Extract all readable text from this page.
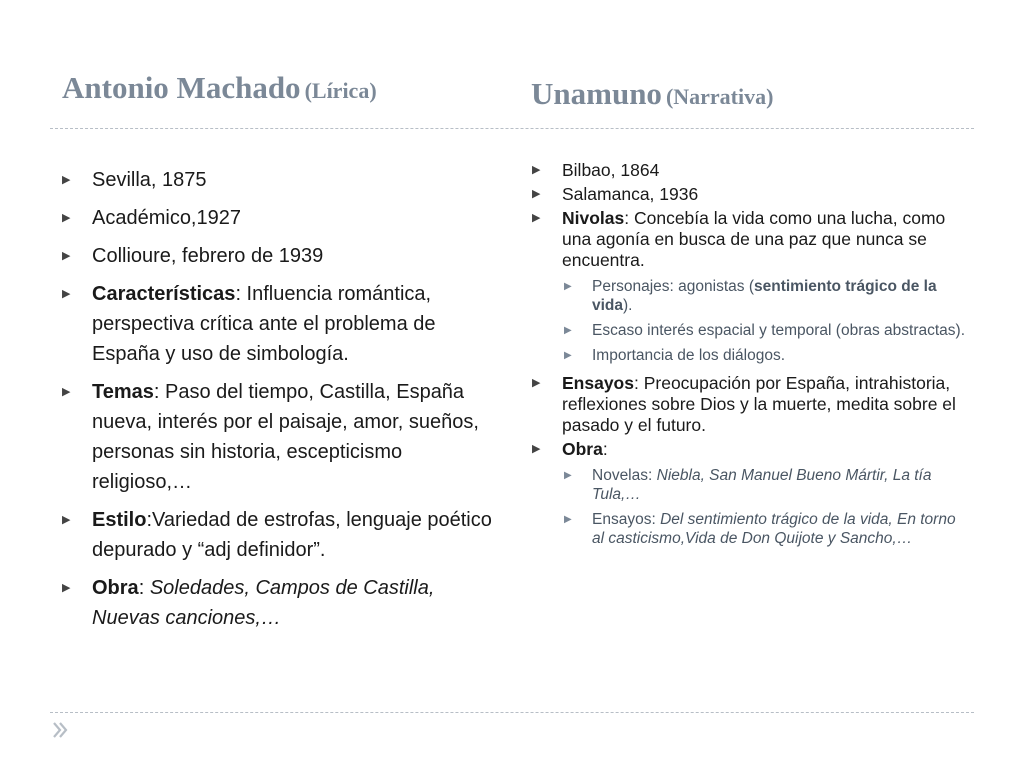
Antonio Machado (Lírica)	Unamuno (Narrativa)
▶ Sevilla, 1875
▶ Académico,1927
▶ Collioure, febrero de 1939
▶ Características: Influencia romántica, perspectiva crítica ante el problema de España y uso de simbología.
▶ Temas: Paso del tiempo, Castilla, España nueva, interés por el paisaje, amor, sueños, personas sin historia, escepticismo religioso,…
▶ Estilo:Variedad de estrofas, lenguaje poético depurado y “adj definidor”.
▶ Obra: Soledades, Campos de Castilla, Nuevas canciones,…
▶ Bilbao, 1864
▶ Salamanca, 1936
▶ Nivolas: Concebía la vida como una lucha, como una agonía en busca de una paz que nunca se encuentra.
▶ Personajes: agonistas (sentimiento trágico de la vida).
▶ Escaso interés espacial y temporal (obras abstractas).
▶ Importancia de los diálogos.
▶ Ensayos: Preocupación por España, intrahistoria, reflexiones sobre Dios y la muerte, medita sobre el pasado y el futuro.
▶ Obra:
▶ Novelas: Niebla, San Manuel Bueno Mártir, La tía Tula,…
▶ Ensayos: Del sentimiento trágico de la vida, En torno al casticismo,Vida de Don Quijote y Sancho,…
